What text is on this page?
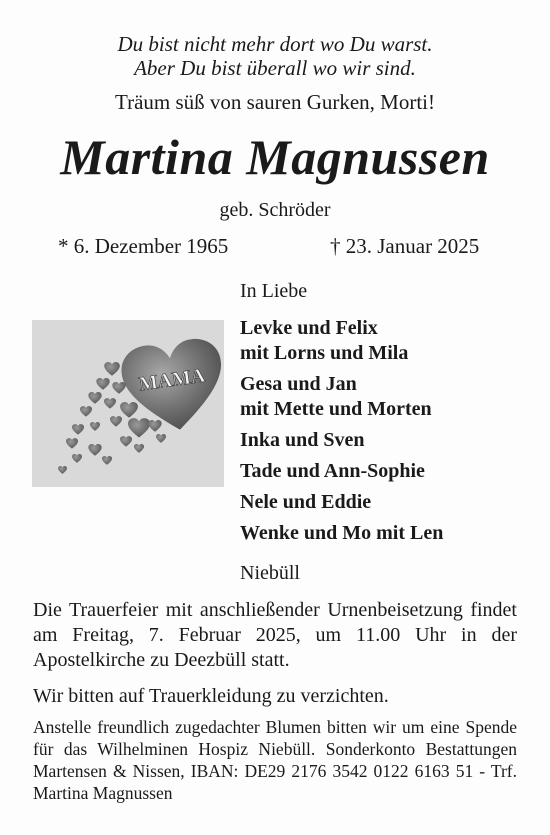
Du bist nicht mehr dort wo Du warst.
Aber Du bist überall wo wir sind.
Träum süß von sauren Gurken, Morti!
Martina Magnussen
geb. Schröder
* 6. Dezember 1965	† 23. Januar 2025
In Liebe
Levke und Felix
mit Lorns und Mila
Gesa und Jan
mit Mette und Morten
Inka und Sven
Tade und Ann-Sophie
Nele und Eddie
Wenke und Mo mit Len
Niebüll
MAMA
Die Trauerfeier mit anschließender Urnenbeisetzung findet am Freitag, 7. Februar 2025, um 11.00 Uhr in der Apostelkirche zu Deezbüll statt.
Wir bitten auf Trauerkleidung zu verzichten.
Anstelle freundlich zugedachter Blumen bitten wir um eine Spende für das Wilhelminen Hospiz Niebüll. Sonderkonto Bestattungen Martensen & Nissen, IBAN: DE29 2176 3542 0122 6163 51 - Trf. Martina Magnussen
